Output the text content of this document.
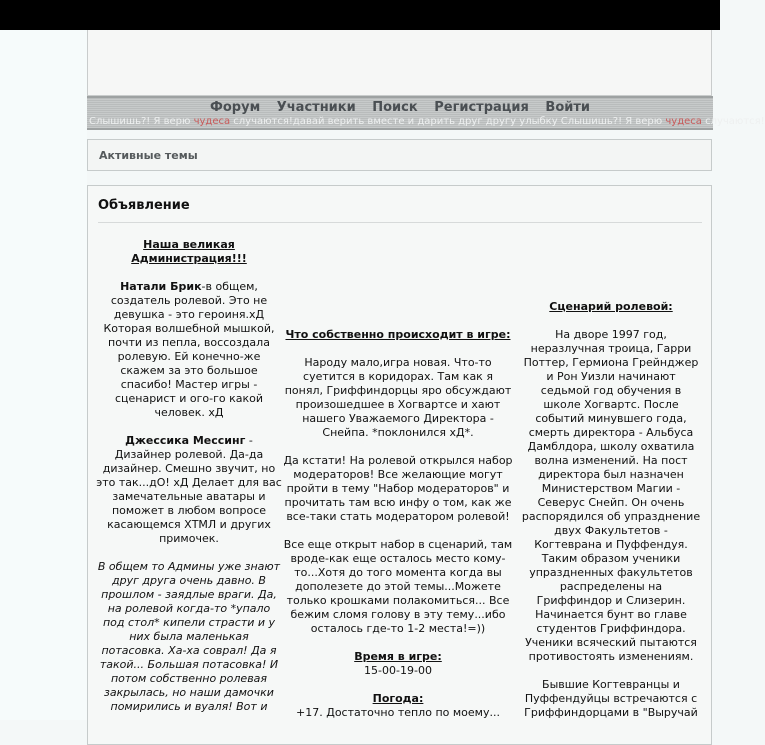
Форум Участники Поиск Регистрация Войти
Слышишь?! Я верю чудеса случаются!давай верить вместе и дарить друг другу улыбку Слышишь?! Я верю чудеса случаются!
Активные темы
Объявление

Наша великая Администрация!!!

Натали Брик-в общем, создатель ролевой. Это не девушка - это героиня.хД Которая волшебной мышкой, почти из пепла, воссоздала ролевую. Ей конечно-же скажем за это большое спасибо! Мастер игры - сценарист и ого-го какой человек. хД

Джессика Мессинг - Дизайнер ролевой. Да-да дизайнер. Смешно звучит, но это так...дО! хД Делает для вас замечательные аватары и поможет в любом вопросе касающемся ХТМЛ и других примочек.

В общем то Админы уже знают друг друга очень давно. В прошлом - заядлые враги. Да, на ролевой когда-то *упало под стол* кипели страсти и у них была маленькая потасовка. Ха-ха соврал! Да я такой... Большая потасовка! И потом собственно ролевая закрылась, но наши дамочки помирились и вуаля! Вот и

Что собственно происходит в игре:

Народу мало,игра новая. Что-то суетится в коридорах. Там как я понял, Гриффиндорцы яро обсуждают произошедшее в Хогвартсе и хают нашего Уважаемого Директора - Снейпа. *поклонился хД*.

Да кстати! На ролевой открылся набор модераторов! Все желающие могут пройти в тему "Набор модераторов" и прочитать там всю инфу о том, как же все-таки стать модератором ролевой!

Все еще открыт набор в сценарий, там вроде-как еще осталось место кому-то...Хотя до того момента когда вы дополезете до этой темы...Можете только крошками полакомиться... Все бежим сломя голову в эту тему...ибо осталось где-то 1-2 места!=))

Время в игре:
15-00-19-00

Погода:
+17. Достаточно тепло по моему...

Сценарий ролевой:

На дворе 1997 год, неразлучная троица, Гарри Поттер, Гермиона Грейнджер и Рон Уизли начинают седьмой год обучения в школе Хогвартс. После событий минувшего года, смерть директора - Альбуса Дамблдора, школу охватила волна изменений. На пост директора был назначен Министерством Магии - Северус Снейп. Он очень распорядился об упразднение двух Факультетов - Когтеврана и Пуффендуя. Таким образом ученики упраздненных факультетов распределены на Гриффиндор и Слизерин. Начинается бунт во главе студентов Гриффиндора. Ученики всяческий пытаются противостоять изменениям.

Бывшие Когтевранцы и Пуффендуйцы встречаются с Гриффиндорцами в "Выручай
